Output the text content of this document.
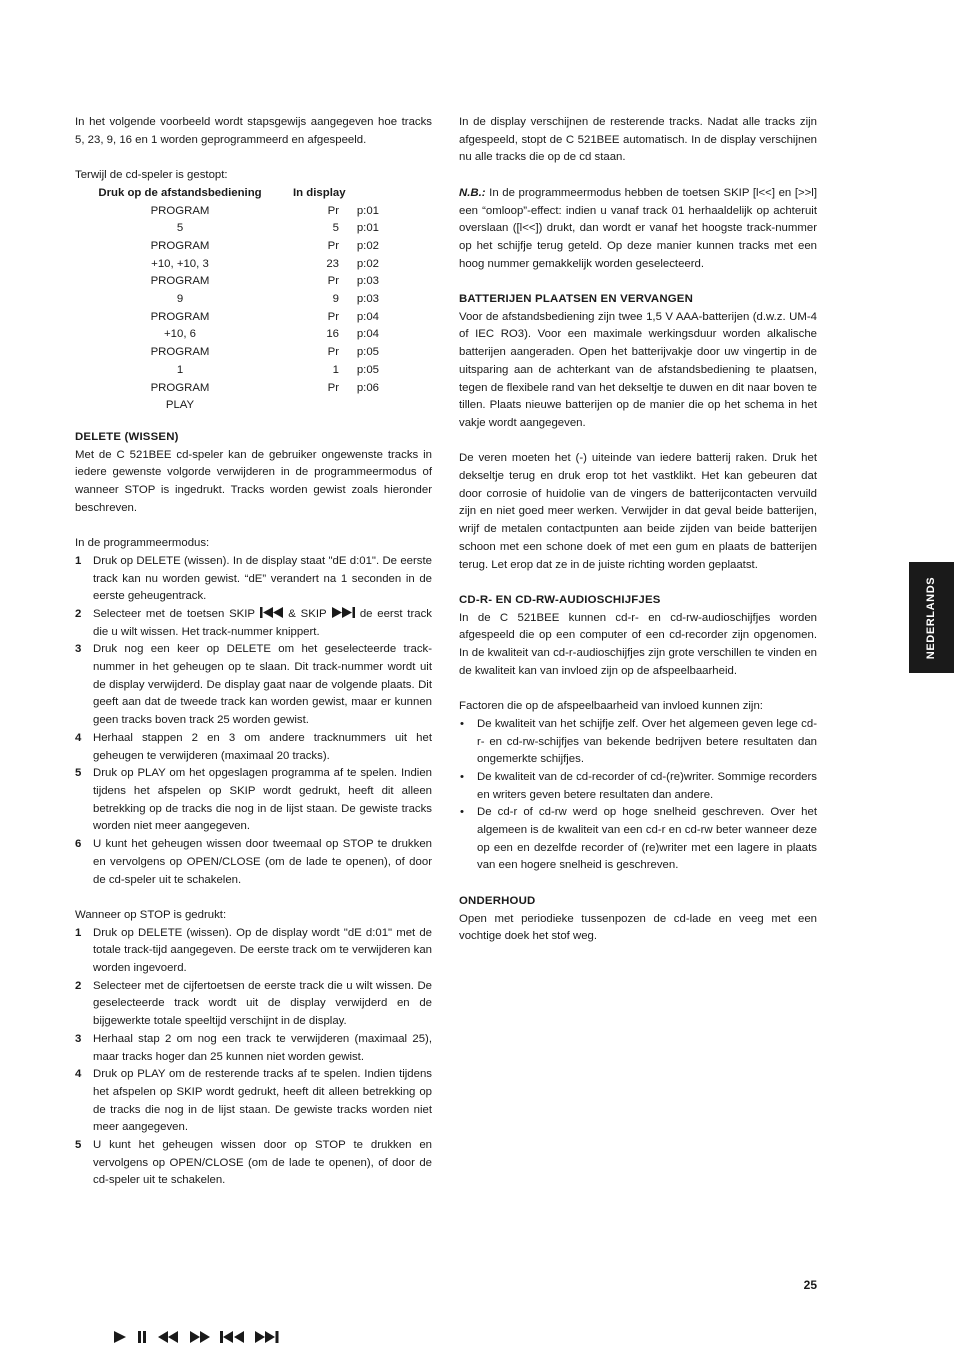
In het volgende voorbeeld wordt stapsgewijs aangegeven hoe tracks 5, 23, 9, 16 en 1 worden geprogrammeerd en afgespeeld.

Terwijl de cd-speler is gestopt:

Druk op de afstandsbediening	In display		
PROGRAM		Pr	p:01
5		5	p:01
PROGRAM		Pr	p:02
+10, +10, 3		23	p:02
PROGRAM		Pr	p:03
9		9	p:03
PROGRAM		Pr	p:04
+10, 6		16	p:04
PROGRAM		Pr	p:05
1		1	p:05
PROGRAM		Pr	p:06
PLAY			
DELETE (WISSEN)

Met de C 521BEE cd-speler kan de gebruiker ongewenste tracks in iedere gewenste volgorde verwijderen in de programmeermodus of wanneer STOP is ingedrukt. Tracks worden gewist zoals hieronder beschreven.

In de programmeermodus:

1 Druk op DELETE (wissen). In de display staat "dE d:01". De eerste track kan nu worden gewist. “dE” verandert na 1 seconden in de eerste geheugentrack.
2 Selecteer met de toetsen SKIP	& SKIP	de eerst track die u wilt wissen. Het track-nummer knippert.
3 Druk nog een keer op DELETE om het geselecteerde track-nummer in het geheugen op te slaan. Dit track-nummer wordt uit de display verwijderd. De display gaat naar de volgende plaats. Dit geeft aan dat de tweede track kan worden gewist, maar er kunnen geen tracks boven track 25 worden gewist.
4 Herhaal stappen 2 en 3 om andere tracknummers uit het geheugen te verwijderen (maximaal 20 tracks).
5 Druk op PLAY om het opgeslagen programma af te spelen. Indien tijdens het afspelen op SKIP wordt gedrukt, heeft dit alleen betrekking op de tracks die nog in de lijst staan. De gewiste tracks worden niet meer aangegeven.
6 U kunt het geheugen wissen door tweemaal op STOP te drukken en vervolgens op OPEN/CLOSE (om de lade te openen), of door de cd-speler uit te schakelen.

Wanneer op STOP is gedrukt:

1 Druk op DELETE (wissen). Op de display wordt "dE d:01" met de totale track-tijd aangegeven. De eerste track om te verwijderen kan worden ingevoerd.
2 Selecteer met de cijfertoetsen de eerste track die u wilt wissen. De geselecteerde track wordt uit de display verwijderd en de bijgewerkte totale speeltijd verschijnt in de display.
3 Herhaal stap 2 om nog een track te verwijderen (maximaal 25), maar tracks hoger dan 25 kunnen niet worden gewist.
4 Druk op PLAY om de resterende tracks af te spelen. Indien tijdens het afspelen op SKIP wordt gedrukt, heeft dit alleen betrekking op de tracks die nog in de lijst staan. De gewiste tracks worden niet meer aangegeven.
5 U kunt het geheugen wissen door op STOP te drukken en vervolgens op OPEN/CLOSE (om de lade te openen), of door de cd-speler uit te schakelen.

In de display verschijnen de resterende tracks. Nadat alle tracks zijn afgespeeld, stopt de C 521BEE automatisch. In de display verschijnen nu alle tracks die op de cd staan.

N.B.: In de programmeermodus hebben de toetsen SKIP [l<<] en [>>l] een “omloop”-effect: indien u vanaf track 01 herhaaldelijk op achteruit overslaan ([l<<]) drukt, dan wordt er vanaf het hoogste track-nummer op het schijfje terug geteld. Op deze manier kunnen tracks met een hoog nummer gemakkelijk worden geselecteerd.

BATTERIJEN PLAATSEN EN VERVANGEN

Voor de afstandsbediening zijn twee 1,5 V AAA-batterijen (d.w.z. UM-4 of IEC RO3). Voor een maximale werkingsduur worden alkalische batterijen aangeraden. Open het batterijvakje door uw vingertip in de uitsparing aan de achterkant van de afstandsbediening te plaatsen, tegen de flexibele rand van het dekseltje te duwen en dit naar boven te tillen. Plaats nieuwe batterijen op de manier die op het schema in het vakje wordt aangegeven.

De veren moeten het (-) uiteinde van iedere batterij raken. Druk het dekseltje terug en druk erop tot het vastklikt. Het kan gebeuren dat door corrosie of huidolie van de vingers de batterijcontacten vervuild zijn en niet goed meer werken. Verwijder in dat geval beide batterijen, wrijf de metalen contactpunten aan beide zijden van beide batterijen schoon met een schone doek of met een gum en plaats de batterijen terug. Let erop dat ze in de juiste richting worden geplaatst.

CD-R- EN CD-RW-AUDIOSCHIJFJES

In de C 521BEE kunnen cd-r- en cd-rw-audioschijfjes worden afgespeeld die op een computer of een cd-recorder zijn opgenomen. In de kwaliteit van cd-r-audioschijfjes zijn grote verschillen te vinden en de kwaliteit kan van invloed zijn op de afspeelbaarheid.

Factoren die op de afspeelbaarheid van invloed kunnen zijn:

• De kwaliteit van het schijfje zelf. Over het algemeen geven lege cd-r- en cd-rw-schijfjes van bekende bedrijven betere resultaten dan ongemerkte schijfjes.
• De kwaliteit van de cd-recorder of cd-(re)writer. Sommige recorders en writers geven betere resultaten dan andere.
• De cd-r of cd-rw werd op hoge snelheid geschreven. Over het algemeen is de kwaliteit van een cd-r en cd-rw beter wanneer deze op een en dezelfde recorder of (re)writer met een lagere in plaats van een hogere snelheid is geschreven.
ONDERHOUD

Open met periodieke tussenpozen de cd-lade en veeg met een vochtige doek het stof weg.

NEDERLANDS
25
